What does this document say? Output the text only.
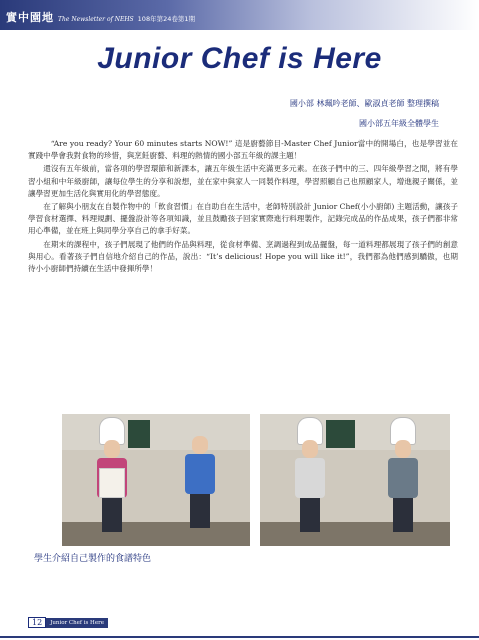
實中園地 The Newsletter of NEHS 108年第24卷第1期
Junior Chef is Here
國小部 林珮吟老師、歐淑貞老師 整理撰稿
國小部五年級全體學生

“Are you ready? Your 60 minutes starts NOW!” 這是廚藝節目-Master Chef Junior當中的開場白，也是學習並在實踐中學會我對食物的珍惜，與烹飪廚藝、料理的熱情的國小部五年級的課主題！

還沒有五年級前，當各項的學習環節和新課本，讓五年級生活中充滿更多元素。在孩子們中的三、四年級學習之間，將有學習小組和中年級廚師，讓每位學生的分享和說想，並在家中與家人一同製作料理，學習照顧自己也照顧家人，增進親子關係，並讓學習更加生活化與實用化的學習態度。

在了解與小朋友在自製作物中的「飲食習慣」在自助自在生活中，老師特別設計 Junior Chef(小小廚師) 主題活動，讓孩子學習食材選擇、料理規劃、擺盤設計等各項知識，並且鼓勵孩子回家實際進行料理製作，記錄完成品的作品成果，孩子們都非常用心準備，並在班上與同學分享自己的拿手好菜。

在期末的課程中，孩子們展現了他們的作品與料理，從食材準備、烹調過程到成品擺盤，每一道料理都展現了孩子們的創意與用心。看著孩子們自信地介紹自己的作品，說出：“It’s delicious! Hope you will like it!”，我們都為他們感到驕傲，也期待小小廚師們持續在生活中發揮所學！

學生介紹自己製作的食譜特色
12	Junior Chef is Here
